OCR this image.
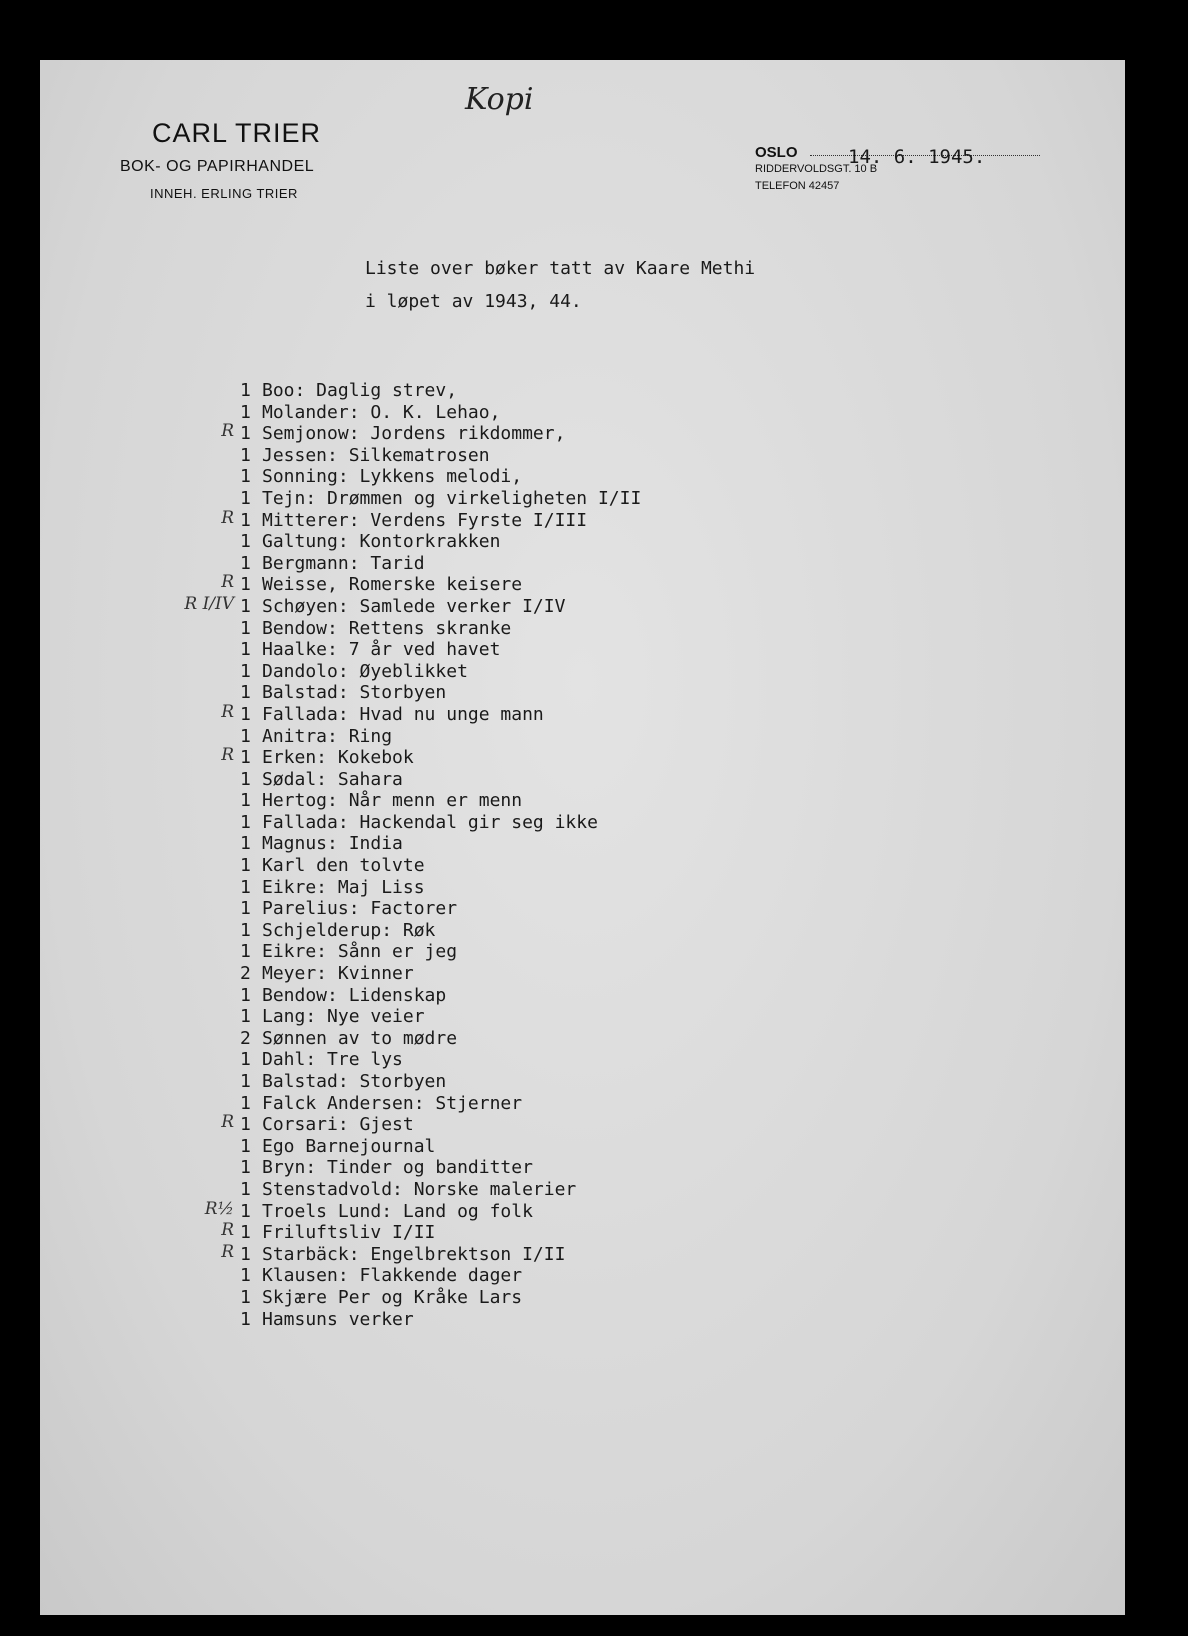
Kopi
CARL TRIER
BOK- OG PAPIRHANDEL
INNEH. ERLING TRIER
OSLO	14. 6. 1945.
RIDDERVOLDSGT. 10 B
TELEFON 42457
Liste over bøker tatt av Kaare Methi
i løpet av 1943, 44.
1 Boo: Daglig strev,
1 Molander: O. K. Lehao,
R 1 Semjonow: Jordens rikdommer,
1 Jessen: Silkematrosen
1 Sonning: Lykkens melodi,
1 Tejn: Drømmen og virkeligheten I/II
R 1 Mitterer: Verdens Fyrste I/III
1 Galtung: Kontorkrakken
1 Bergmann: Tarid
R 1 Weisse, Romerske keisere
R I/IV 1 Schøyen: Samlede verker I/IV
1 Bendow: Rettens skranke
1 Haalke: 7 år ved havet
1 Dandolo: Øyeblikket
1 Balstad: Storbyen
R 1 Fallada: Hvad nu unge mann
1 Anitra: Ring
R 1 Erken: Kokebok
1 Sødal: Sahara
1 Hertog: Når menn er menn
1 Fallada: Hackendal gir seg ikke
1 Magnus: India
1 Karl den tolvte
1 Eikre: Maj Liss
1 Parelius: Factorer
1 Schjelderup: Røk
1 Eikre: Sånn er jeg
2 Meyer: Kvinner
1 Bendow: Lidenskap
1 Lang: Nye veier
2 Sønnen av to mødre
1 Dahl: Tre lys
1 Balstad: Storbyen
1 Falck Andersen: Stjerner
R 1 Corsari: Gjest
1 Ego Barnejournal
1 Bryn: Tinder og banditter
1 Stenstadvold: Norske malerier
R½ 1 Troels Lund: Land og folk
R 1 Friluftsliv I/II
R 1 Starbäck: Engelbrektson I/II
1 Klausen: Flakkende dager
1 Skjære Per og Kråke Lars
1 Hamsuns verker
